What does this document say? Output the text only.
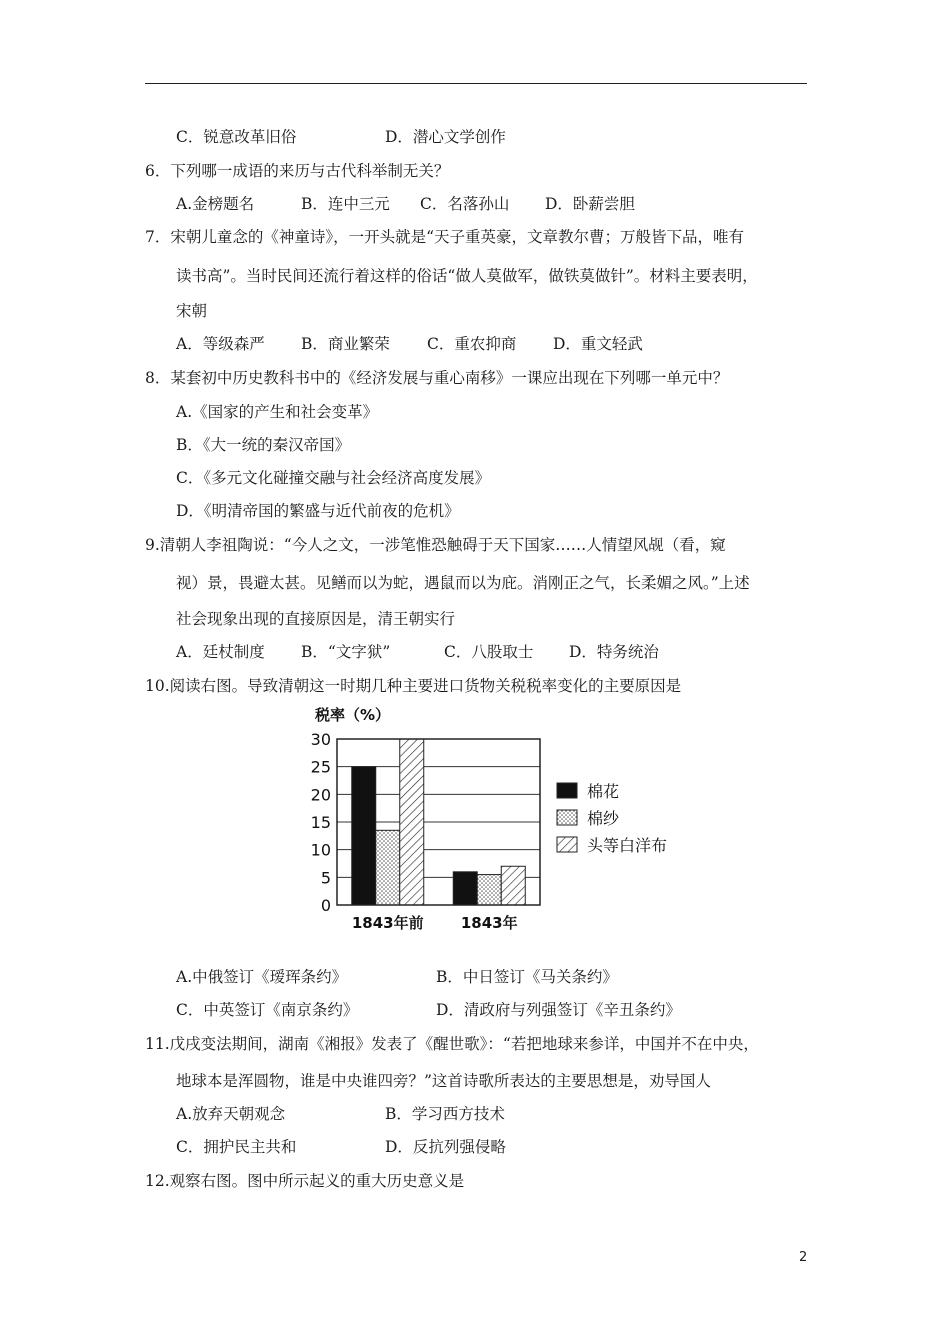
C．锐意改革旧俗	D．潜心文学创作
6．下列哪一成语的来历与古代科举制无关？
A.金榜题名	B．连中三元 C．名落孙山 D．卧薪尝胆
7．宋朝儿童念的《神童诗》，一开头就是“天子重英豪，文章教尔曹；万般皆下品，唯有
读书高”。当时民间还流行着这样的俗话“做人莫做军，做铁莫做针”。材料主要表明，
宋朝
A．等级森严 B．商业繁荣 C．重农抑商 D．重文轻武
8．某套初中历史教科书中的《经济发展与重心南移》一课应出现在下列哪一单元中？
A.《国家的产生和社会变革》
B．《大一统的秦汉帝国》
C．《多元文化碰撞交融与社会经济高度发展》
D．《明清帝国的繁盛与近代前夜的危机》
9.清朝人李祖陶说：“今人之文，一涉笔惟恐触碍于天下国家……人情望风觇（看，窥
视）景，畏避太甚。见鳝而以为蛇，遇鼠而以为庇。消刚正之气，长柔媚之风。”上述
社会现象出现的直接原因是，清王朝实行
A．廷杖制度 B．“文字狱”	C．八股取士 D．特务统治
10.阅读右图。导致清朝这一时期几种主要进口货物关税税率变化的主要原因是
税率（%）
0
5
10
15
20
25
30
1843年前 1843年
棉花
棉纱
头等白洋布
A.中俄签订《瑷珲条约》	B．中日签订《马关条约》
C．中英签订《南京条约》	D．清政府与列强签订《辛丑条约》
11.戊戌变法期间，湖南《湘报》发表了《醒世歌》：“若把地球来参详，中国并不在中央，
地球本是浑圆物，谁是中央谁四旁？”这首诗歌所表达的主要思想是，劝导国人
A.放弃天朝观念	B．学习西方技术
C．拥护民主共和	D．反抗列强侵略
12.观察右图。图中所示起义的重大历史意义是
2
